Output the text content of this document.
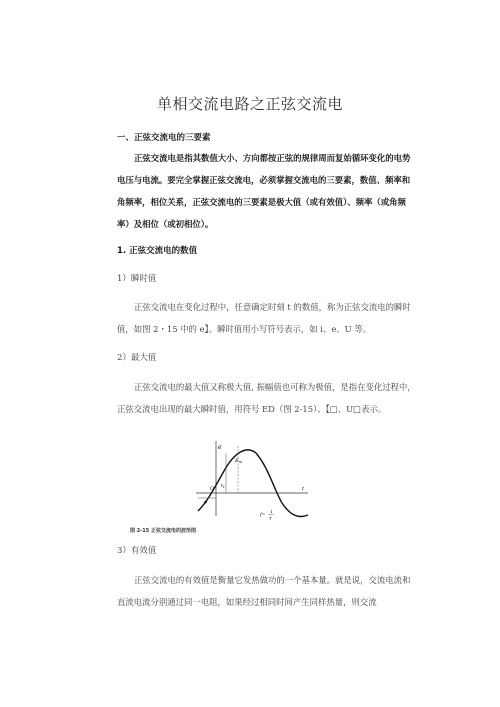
单相交流电路之正弦交流电
一、正弦交流电的三要素

正弦交流电是指其数值大小、方向都按正弦的规律周而复始循环变化的电势电压与电流。要完全掌握正弦交流电，必须掌握交流电的三要素，数值、频率和角频率，相位关系，正弦交流电的三要素是极大值（或有效值）、频率（或角频率）及相位（或初相位）。

1. 正弦交流电的数值
1）瞬时值

正弦交流电在变化过程中，任意确定时刻 t 的数值，称为正弦交流电的瞬时值，如图 2・15 中的 e】。瞬时值用小写符号表示，如 i、e、U 等。

2）最大值

正弦交流电的最大值又称极大值, 振幅值也可称为极值，是指在变化过程中，正弦交流电出现的最大瞬时值，用符号 ED（图 2-15）、【□、U□表示。

e
$E_m$
O $t_1$	t
φ
f=
1
T
图 2-15 正弦交流电的波形图
3）有效值

正弦交流电的有效值是衡量它发热做功的一个基本量。就是说，交流电流和直流电流分别通过同一电阻，如果经过相同时间产生同样热量，则交流
